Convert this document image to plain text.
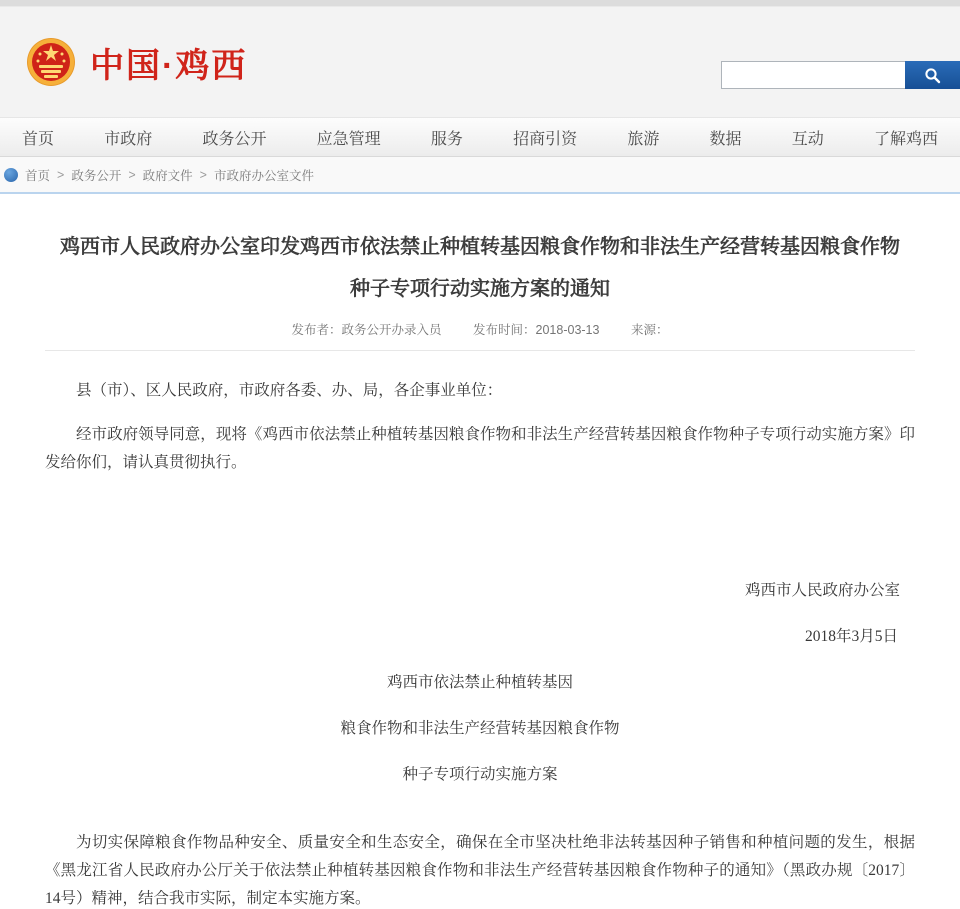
中国·鸡西
首页	市政府	政务公开	应急管理	服务	招商引资	旅游	数据	互动	了解鸡西
首页 > 政务公开 > 政府文件 > 市政府办公室文件
鸡西市人民政府办公室印发鸡西市依法禁止种植转基因粮食作物和非法生产经营转基因粮食作物种子专项行动实施方案的通知
发布者：政务公开办录入员	发布时间：2018-03-13	来源：

县（市）、区人民政府，市政府各委、办、局，各企事业单位：

经市政府领导同意，现将《鸡西市依法禁止种植转基因粮食作物和非法生产经营转基因粮食作物种子专项行动实施方案》印发给你们，请认真贯彻执行。

鸡西市人民政府办公室

2018年3月5日

鸡西市依法禁止种植转基因

粮食作物和非法生产经营转基因粮食作物

种子专项行动实施方案

为切实保障粮食作物品种安全、质量安全和生态安全，确保在全市坚决杜绝非法转基因种子销售和种植问题的发生，根据《黑龙江省人民政府办公厅关于依法禁止种植转基因粮食作物和非法生产经营转基因粮食作物种子的通知》（黑政办规〔2017〕14号）精神，结合我市实际，制定本实施方案。
